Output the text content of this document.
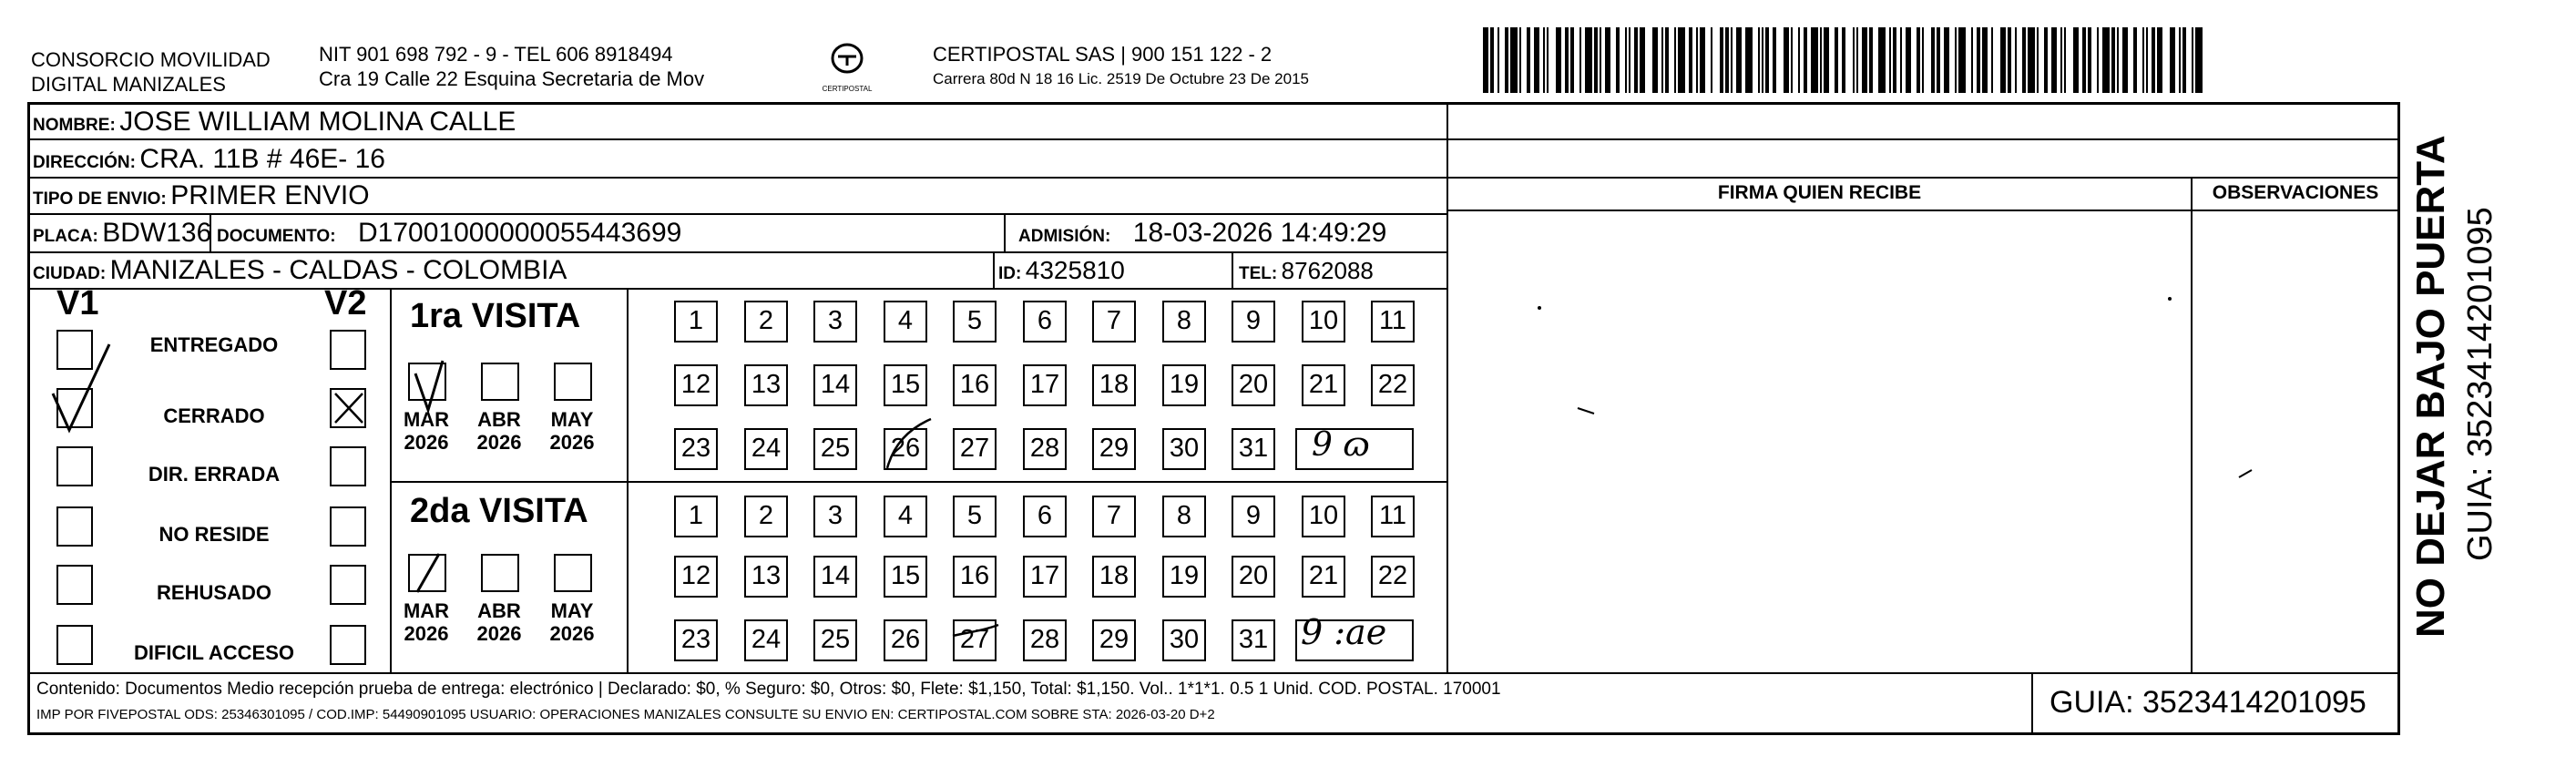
CONSORCIO MOVILIDAD
DIGITAL MANIZALES
NIT 901 698 792 - 9 - TEL 606 8918494
Cra 19 Calle 22 Esquina Secretaria de Mov	CERTIPOSTAL
CERTIPOSTAL SAS | 900 151 122 - 2
Carrera 80d N 18 16 Lic. 2519 De Octubre 23 De 2015
NOMBRE: JOSE WILLIAM MOLINA CALLE
DIRECCIÓN: CRA. 11B # 46E- 16
TIPO DE ENVIO: PRIMER ENVIO
PLACA: BDW136 DOCUMENTO: D17001000000055443699	ADMISIÓN: 18-03-2026 14:49:29
CIUDAD: MANIZALES - CALDAS - COLOMBIA	ID: 4325810	TEL: 8762088
V1	V2
ENTREGADO
CERRADO
DIR. ERRADA
NO RESIDE
REHUSADO
DIFICIL ACCESO
1ra VISITA
2da VISITA
MAR
2026
ABR
2026
MAY
2026
MAR
2026
ABR
2026
MAY
2026
1	2	3	4	5	6	7	8	9	10	11
12 13 14 15 16 17 18 19 20 21 22
23 24 25 26 27 28 29 30 31
1	2	3	4	5	6	7	8	9	10	11
12 13 14 15 16 17 18 19 20 21 22
23 24 25 26 27 28 29 30 31
9 ɷ
9 :ae
FIRMA QUIEN RECIBE	OBSERVACIONES NO DEJAR BAJO PUERTA GUIA: 3523414201095
Contenido: Documentos Medio recepción prueba de entrega: electrónico | Declarado: $0, % Seguro: $0, Otros: $0, Flete: $1,150, Total: $1,150. Vol.. 1*1*1. 0.5 1 Unid. COD. POSTAL. 170001
IMP POR FIVEPOSTAL ODS: 25346301095 / COD.IMP: 54490901095 USUARIO: OPERACIONES MANIZALES CONSULTE SU ENVIO EN: CERTIPOSTAL.COM SOBRE STA: 2026-03-20 D+2	GUIA: 3523414201095
